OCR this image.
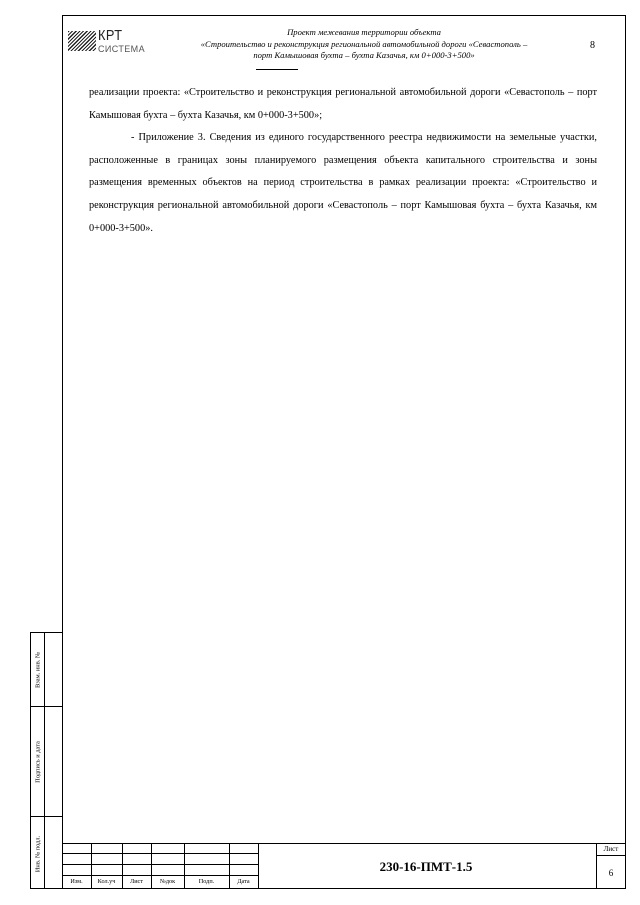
КРТ
СИСТЕМА
Проект межевания территории объекта
«Строительство и реконструкция региональной автомобильной дороги «Севастополь –
порт Камышовая бухта – бухта Казачья, км 0+000-3+500»
8

реализации проекта: «Строительство и реконструкция региональной автомобильной дороги «Севастополь – порт Камышовая бухта – бухта Казачья, км 0+000-3+500»;

- Приложение 3. Сведения из единого государственного реестра недвижимости на земельные участки, расположенные в границах зоны планируемого размещения объекта капитального строительства и зоны размещения временных объектов на период строительства в рамках реализации проекта: «Строительство и реконструкция региональной автомобильной дороги «Севастополь – порт Камышовая бухта – бухта Казачья, км 0+000-3+500».

Взам. инв. №
Подпись и дата
Инв. № подл.
Изм.	Кол.уч	Лист	№док	Подп.	Дата
230-16-ПМТ-1.5
Лист
6
